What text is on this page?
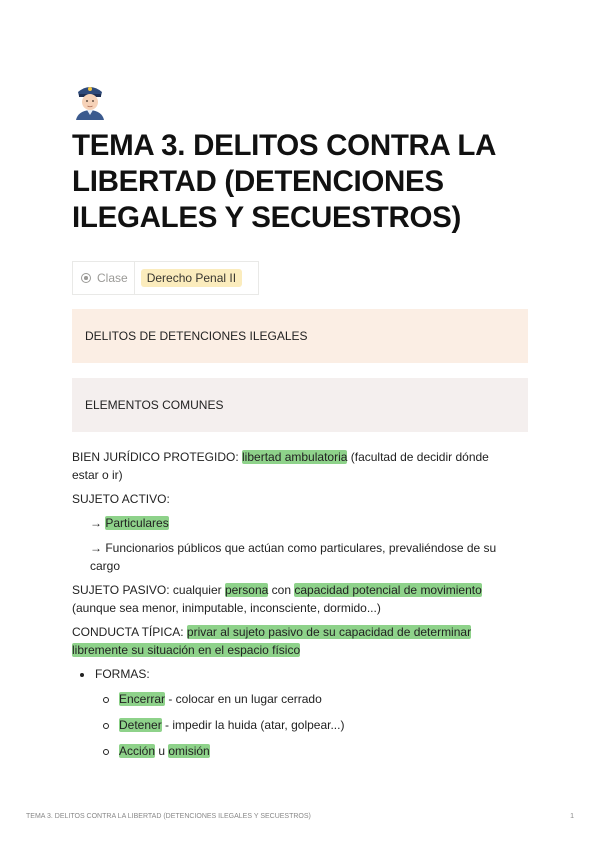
TEMA 3. DELITOS CONTRA LA LIBERTAD (DETENCIONES ILEGALES Y SECUESTROS)
Clase	Derecho Penal II
DELITOS DE DETENCIONES ILEGALES
ELEMENTOS COMUNES
BIEN JURÍDICO PROTEGIDO: libertad ambulatoria (facultad de decidir dónde
estar o ir)
SUJETO ACTIVO:
→ Particulares
→ Funcionarios públicos que actúan como particulares, prevaliéndose de su
cargo
SUJETO PASIVO: cualquier persona con capacidad potencial de movimiento
(aunque sea menor, inimputable, inconsciente, dormido...)
CONDUCTA TÍPICA: privar al sujeto pasivo de su capacidad de determinar
libremente su situación en el espacio físico
FORMAS:
Encerrar - colocar en un lugar cerrado
Detener - impedir la huida (atar, golpear...)
Acción u omisión
TEMA 3. DELITOS CONTRA LA LIBERTAD (DETENCIONES ILEGALES Y SECUESTROS)	1
